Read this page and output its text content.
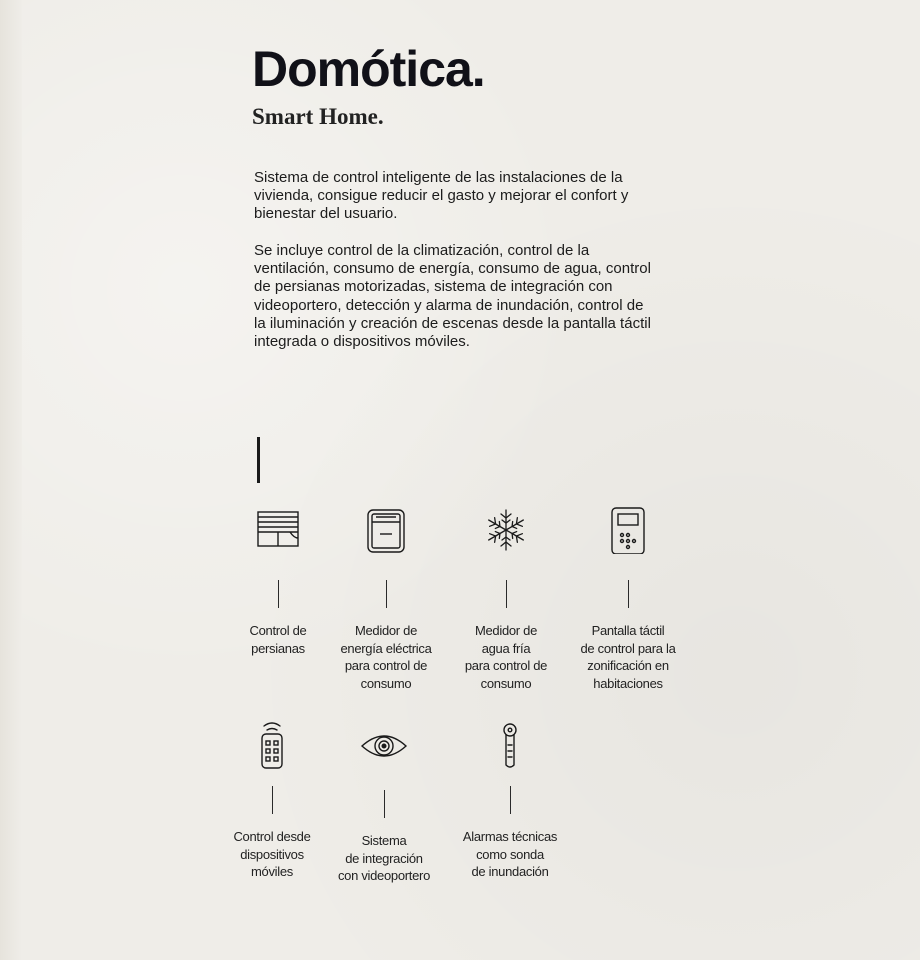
Domótica.
Smart Home.

Sistema de control inteligente de las instalaciones de la vivienda, consigue reducir el gasto y mejorar el confort y bienestar del usuario.

Se incluye control de la climatización, control de la ventilación, consumo de energía, consumo de agua, control de persianas motorizadas, sistema de integración con videoportero, detección y alarma de inundación, control de la iluminación y creación de escenas desde la pantalla táctil integrada o dispositivos móviles.

Control de
persianas
Medidor de
energía eléctrica
para control de
consumo
Medidor de
agua fría
para control de
consumo
Pantalla táctil
de control para la
zonificación en
habitaciones
Control desde
dispositivos
móviles
Sistema
de integración
con videoportero
Alarmas técnicas
como sonda
de inundación
